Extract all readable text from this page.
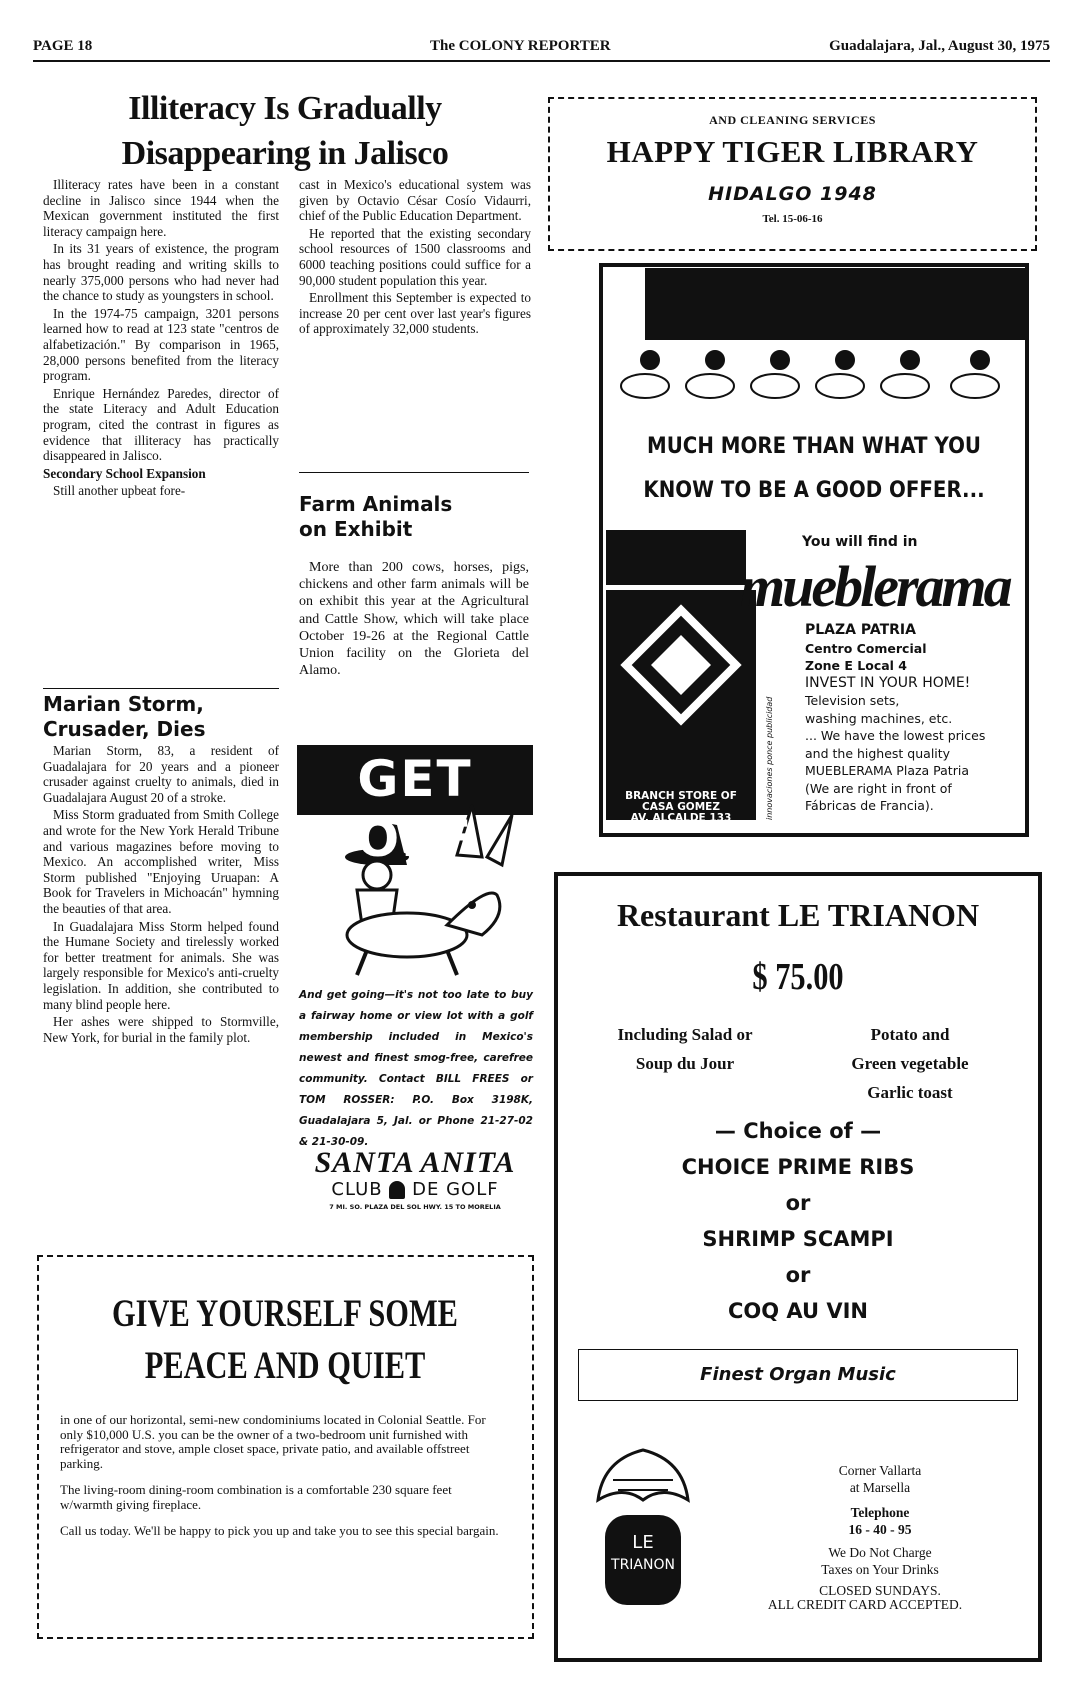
PAGE 18	The COLONY REPORTER	Guadalajara, Jal., August 30, 1975
Illiteracy Is Gradually
Disappearing in Jalisco

Illiteracy rates have been in a constant decline in Jalisco since 1944 when the Mexican government instituted the first literacy campaign here.

In its 31 years of existence, the program has brought reading and writing skills to nearly 375,000 persons who had never had the chance to study as youngsters in school.

In the 1974-75 campaign, 3201 persons learned how to read at 123 state "centros de alfabetización." By comparison in 1965, 28,000 persons benefited from the literacy program.

Enrique Hernández Paredes, director of the state Literacy and Adult Education program, cited the contrast in figures as evidence that illiteracy has practically disappeared in Jalisco.

Secondary School Expansion

Still another upbeat fore-

cast in Mexico's educational system was given by Octavio César Cosío Vidaurri, chief of the Public Education Department.

He reported that the existing secondary school resources of 1500 classrooms and 6000 teaching positions could suffice for a 90,000 student population this year.

Enrollment this September is expected to increase 20 per cent over last year's figures of approximately 32,000 students.

Farm Animals
on Exhibit

More than 200 cows, horses, pigs, chickens and other farm animals will be on exhibit this year at the Agricultural and Cattle Show, which will take place October 19-26 at the Regional Cattle Union facility on the Glorieta del Alamo.

Marian Storm,
Crusader, Dies

Marian Storm, 83, a resident of Guadalajara for 20 years and a pioneer crusader against cruelty to animals, died in Guadalajara August 20 of a stroke.

Miss Storm graduated from Smith College and wrote for the New York Herald Tribune and various magazines before moving to Mexico. An accomplished writer, Miss Storm published "Enjoying Uruapan: A Book for Travelers in Michoacán" hymning the beauties of that area.

In Guadalajara Miss Storm helped found the Humane Society and tirelessly worked for better treatment for animals. She was largely responsible for Mexico's anti-cruelty legislation. In addition, she contributed to many blind people here.

Her ashes were shipped to Stormville, New York, for burial in the family plot.

GET OFF
And get going—it's not too late to buy a fairway home or view lot with a golf membership included in Mexico's newest and finest smog-free, carefree community. Contact BILL FREES or TOM ROSSER: P.O. Box 3198K, Guadalajara 5, Jal. or Phone 21-27-02 & 21-30-09.
SANTA ANITA
CLUB DE GOLF
7 MI. SO. PLAZA DEL SOL HWY. 15 TO MORELIA
GIVE YOURSELF SOME
PEACE AND QUIET

in one of our horizontal, semi-new condominiums located in Colonial Seattle. For only $10,000 U.S. you can be the owner of a two-bedroom unit furnished with refrigerator and stove, ample closet space, private patio, and available offstreet parking.

The living-room dining-room combination is a comfortable 230 square feet w/warmth giving fireplace.

Call us today. We'll be happy to pick you up and take you to see this special bargain.

AND CLEANING SERVICES
HAPPY TIGER LIBRARY
HIDALGO 1948
Tel. 15-06-16
MUCH MORE THAN WHAT YOU
KNOW TO BE A GOOD OFFER...
BRANCH STORE OF
CASA GOMEZ
AV. ALCALDE 133
TEL. 25-93-92
innovaciones ponce publicidad
You will find in
mueblerama
PLAZA PATRIA
Centro Comercial
Zone E Local 4
INVEST IN YOUR HOME!
Television sets,
washing machines, etc.
... We have the lowest prices
and the highest quality
MUEBLERAMA Plaza Patria
(We are right in front of
Fábricas de Francia).
Restaurant LE TRIANON
$ 75.00
Including Salad or
Soup du Jour
Potato and
Green vegetable
Garlic toast
— Choice of —
CHOICE PRIME RIBS
or
SHRIMP SCAMPI
or
COQ AU VIN
Finest Organ Music
LE
TRIANON
Corner Vallarta
at Marsella
Telephone
16 - 40 - 95
We Do Not Charge
Taxes on Your Drinks
CLOSED SUNDAYS.
ALL CREDIT CARD ACCEPTED.
